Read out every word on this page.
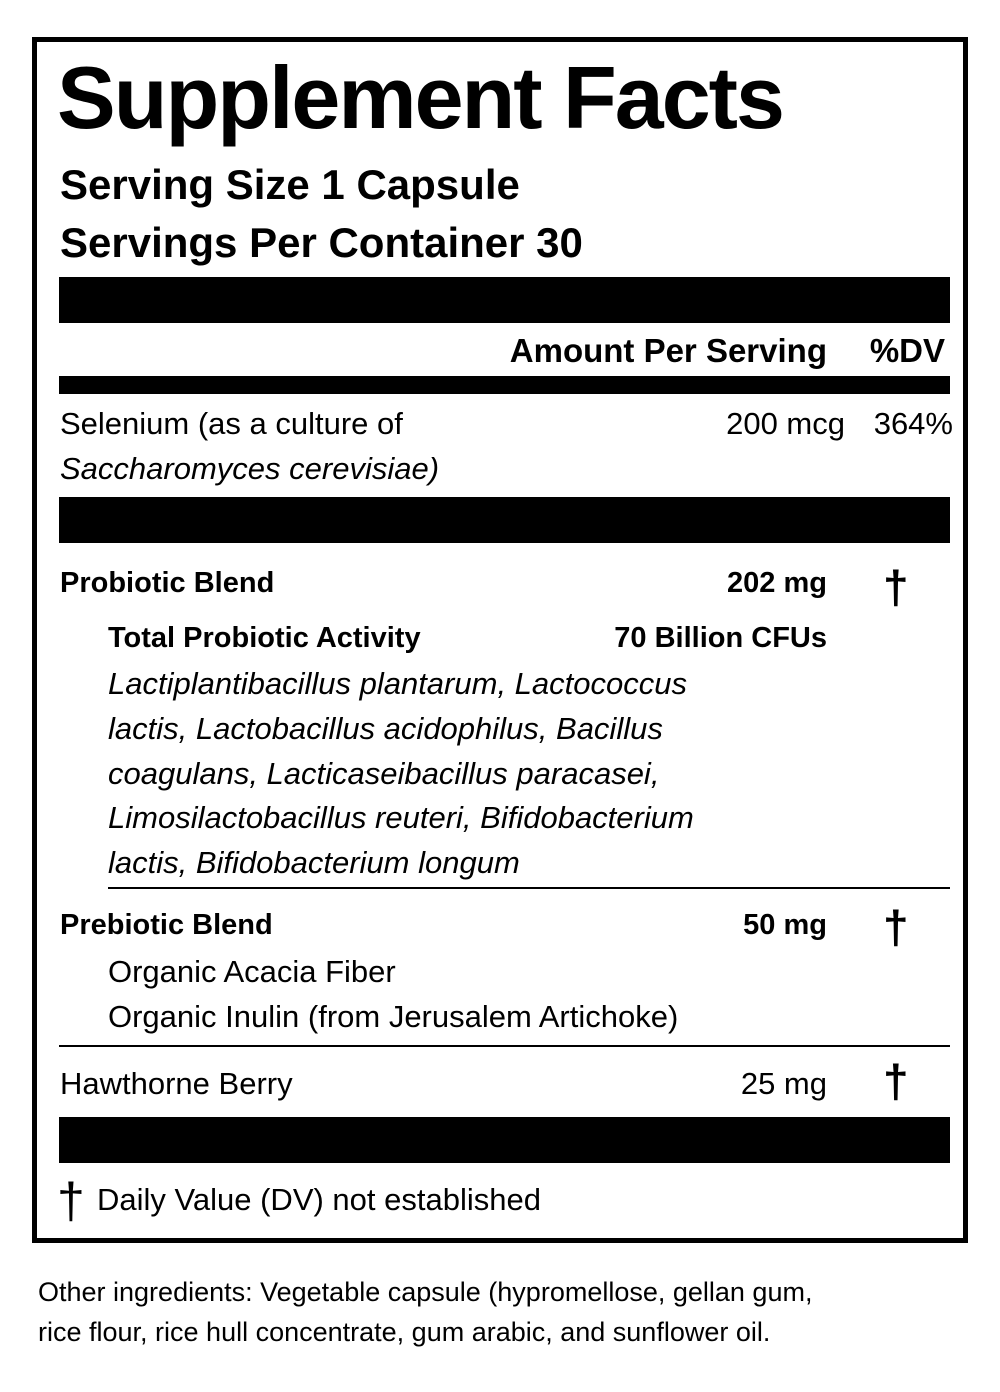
Supplement Facts
Serving Size 1 Capsule
Servings Per Container 30
Amount Per Serving %DV
Selenium (as a culture of
Saccharomyces cerevisiae)
200 mcg 364%
Probiotic Blend	202 mg †
Total Probiotic Activity	70 Billion CFUs
Lactiplantibacillus plantarum, Lactococcus
lactis, Lactobacillus acidophilus, Bacillus
coagulans, Lacticaseibacillus paracasei,
Limosilactobacillus reuteri, Bifidobacterium
lactis, Bifidobacterium longum
Prebiotic Blend	50 mg †
Organic Acacia Fiber
Organic Inulin (from Jerusalem Artichoke)
Hawthorne Berry	25 mg †
† Daily Value (DV) not established
Other ingredients: Vegetable capsule (hypromellose, gellan gum,
rice flour, rice hull concentrate, gum arabic, and sunflower oil.
